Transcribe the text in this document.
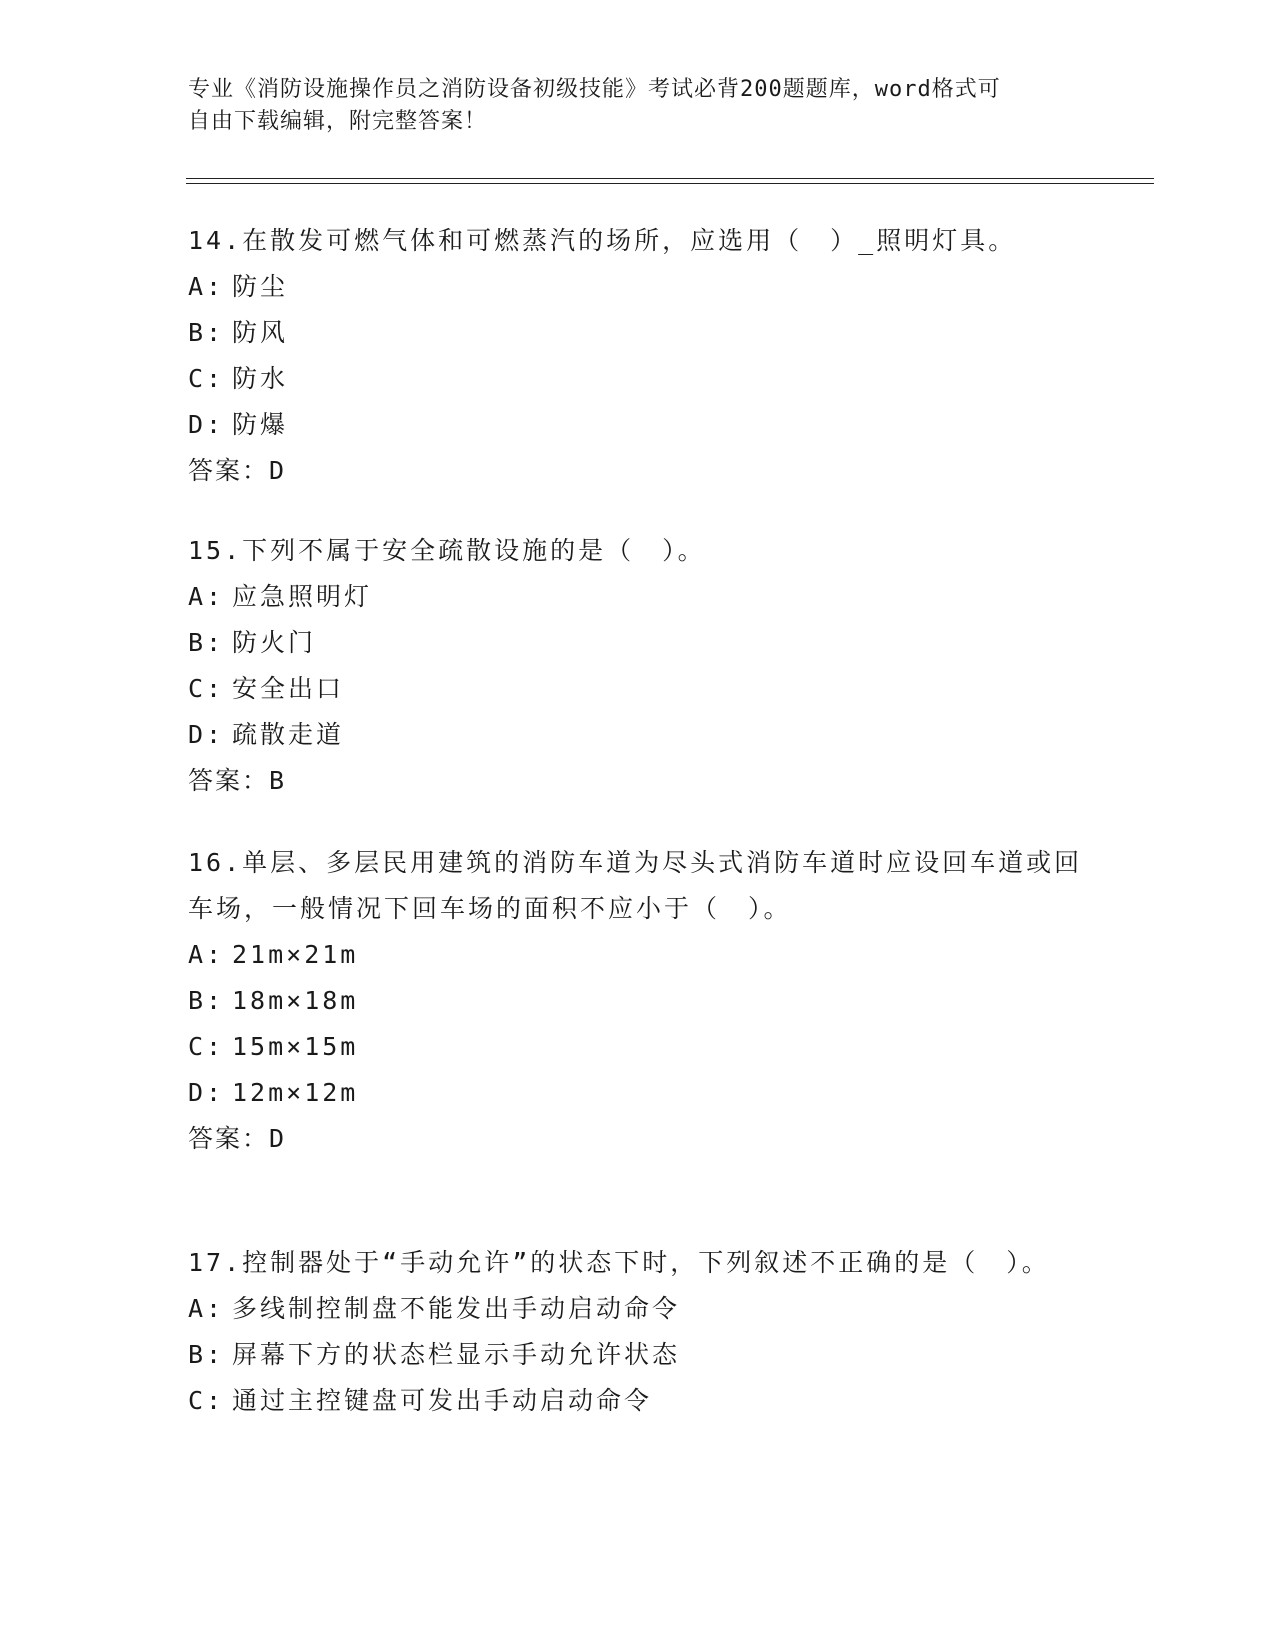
专业《消防设施操作员之消防设备初级技能》考试必背200题题库，word格式可
自由下载编辑，附完整答案！
14.在散发可燃气体和可燃蒸汽的场所，应选用（　）_照明灯具。
A: 防尘
B: 防风
C: 防水
D: 防爆
答案：D
15.下列不属于安全疏散设施的是（　）。
A: 应急照明灯
B: 防火门
C: 安全出口
D: 疏散走道
答案：B
16.单层、多层民用建筑的消防车道为尽头式消防车道时应设回车道或回车场，一般情况下回车场的面积不应小于（　）。
A: 21m×21m
B: 18m×18m
C: 15m×15m
D: 12m×12m
答案：D
17.控制器处于“手动允许”的状态下时，下列叙述不正确的是（　）。
A: 多线制控制盘不能发出手动启动命令
B: 屏幕下方的状态栏显示手动允许状态
C: 通过主控键盘可发出手动启动命令
